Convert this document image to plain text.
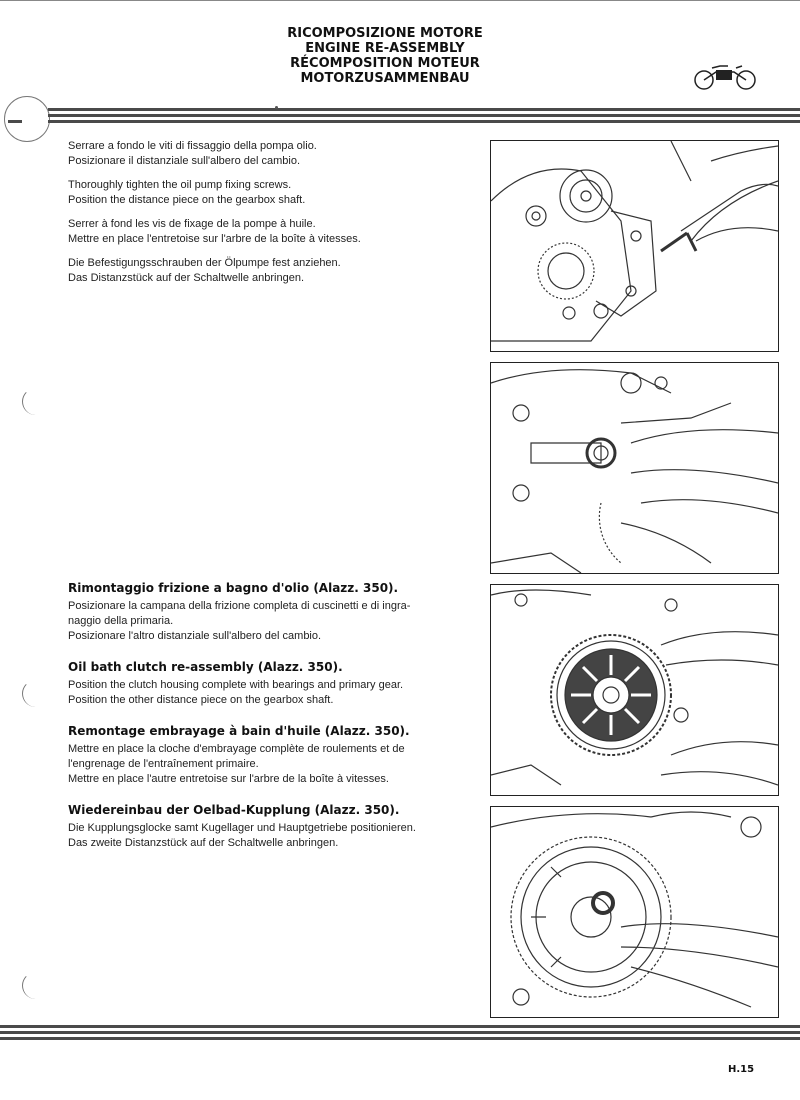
RICOMPOSIZIONE MOTORE
ENGINE RE-ASSEMBLY
RÉCOMPOSITION MOTEUR
MOTORZUSAMMENBAU

Serrare a fondo le viti di fissaggio della pompa olio.

Posizionare il distanziale sull'albero del cambio.

Thoroughly tighten the oil pump fixing screws.

Position the distance piece on the gearbox shaft.

Serrer à fond les vis de fixage de la pompe à huile.

Mettre en place l'entretoise sur l'arbre de la boîte à vitesses.

Die Befestigungsschrauben der Ölpumpe fest anziehen.

Das Distanzstück auf der Schaltwelle anbringen.

Rimontaggio frizione a bagno d'olio (Alazz. 350).

Posizionare la campana della frizione completa di cuscinetti e di ingra-

naggio della primaria.

Posizionare l'altro distanziale sull'albero del cambio.

Oil bath clutch re-assembly (Alazz. 350).

Position the clutch housing complete with bearings and primary gear.

Position the other distance piece on the gearbox shaft.

Remontage embrayage à bain d'huile (Alazz. 350).

Mettre en place la cloche d'embrayage complète de roulements et de

l'engrenage de l'entraînement primaire.

Mettre en place l'autre entretoise sur l'arbre de la boîte à vitesses.

Wiedereinbau der Oelbad-Kupplung (Alazz. 350).

Die Kupplungsglocke samt Kugellager und Hauptgetriebe positionieren.

Das zweite Distanzstück auf der Schaltwelle anbringen.

H.15
